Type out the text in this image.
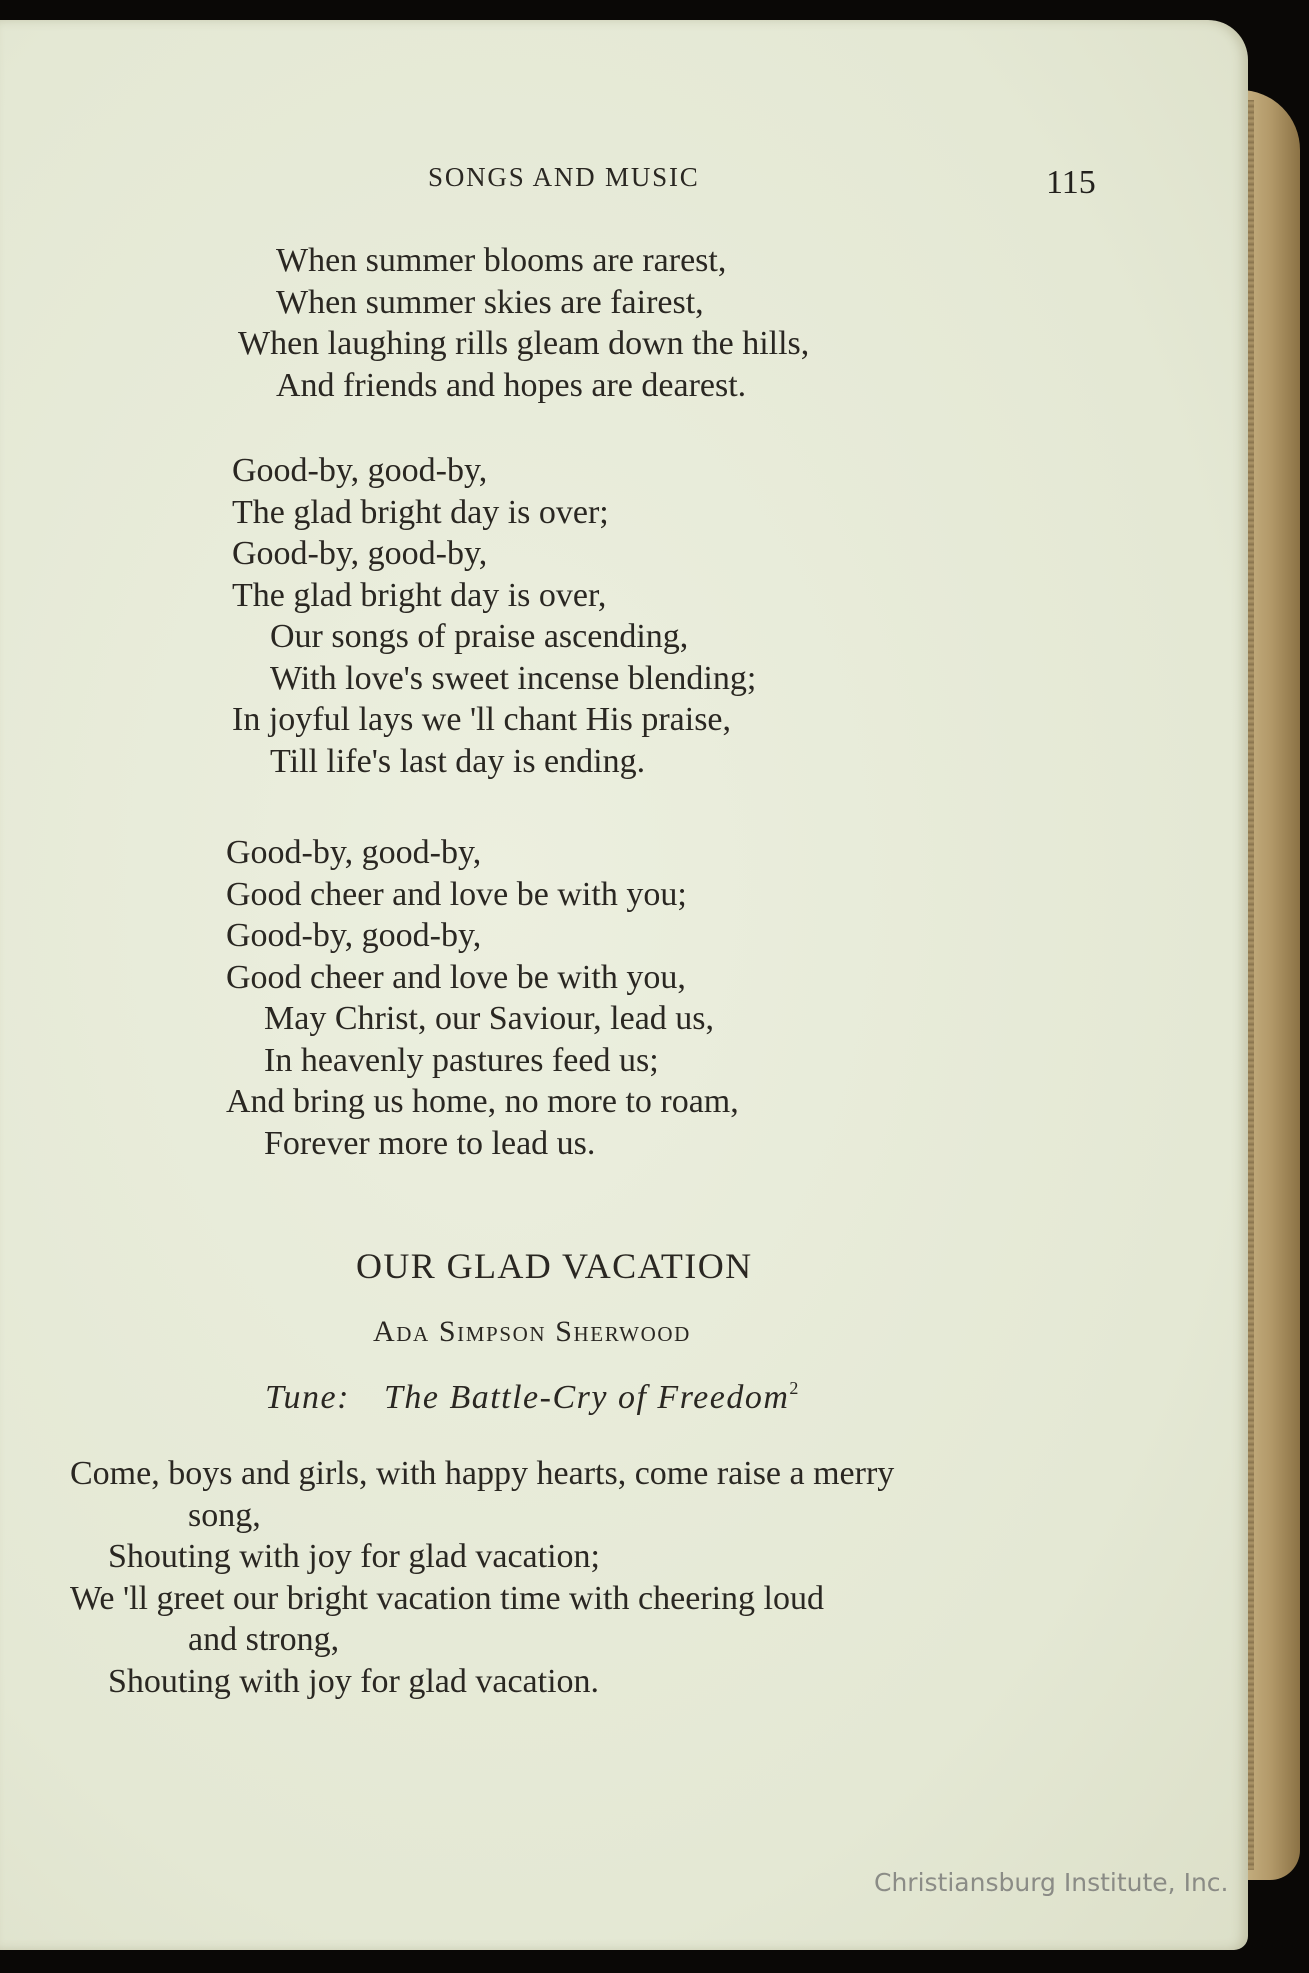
SONGS AND MUSIC	115
When summer blooms are rarest,
When summer skies are fairest,
When laughing rills gleam down the hills,
And friends and hopes are dearest.
Good-by, good-by,
The glad bright day is over;
Good-by, good-by,
The glad bright day is over,
Our songs of praise ascending,
With love's sweet incense blending;
In joyful lays we 'll chant His praise,
Till life's last day is ending.
Good-by, good-by,
Good cheer and love be with you;
Good-by, good-by,
Good cheer and love be with you,
May Christ, our Saviour, lead us,
In heavenly pastures feed us;
And bring us home, no more to roam,
Forever more to lead us.
OUR GLAD VACATION
Ada Simpson Sherwood
Tune: The Battle-Cry of Freedom$^2$
Come, boys and girls, with happy hearts, come raise a merry
song,
Shouting with joy for glad vacation;
We 'll greet our bright vacation time with cheering loud
and strong,
Shouting with joy for glad vacation.
Christiansburg Institute, Inc.
